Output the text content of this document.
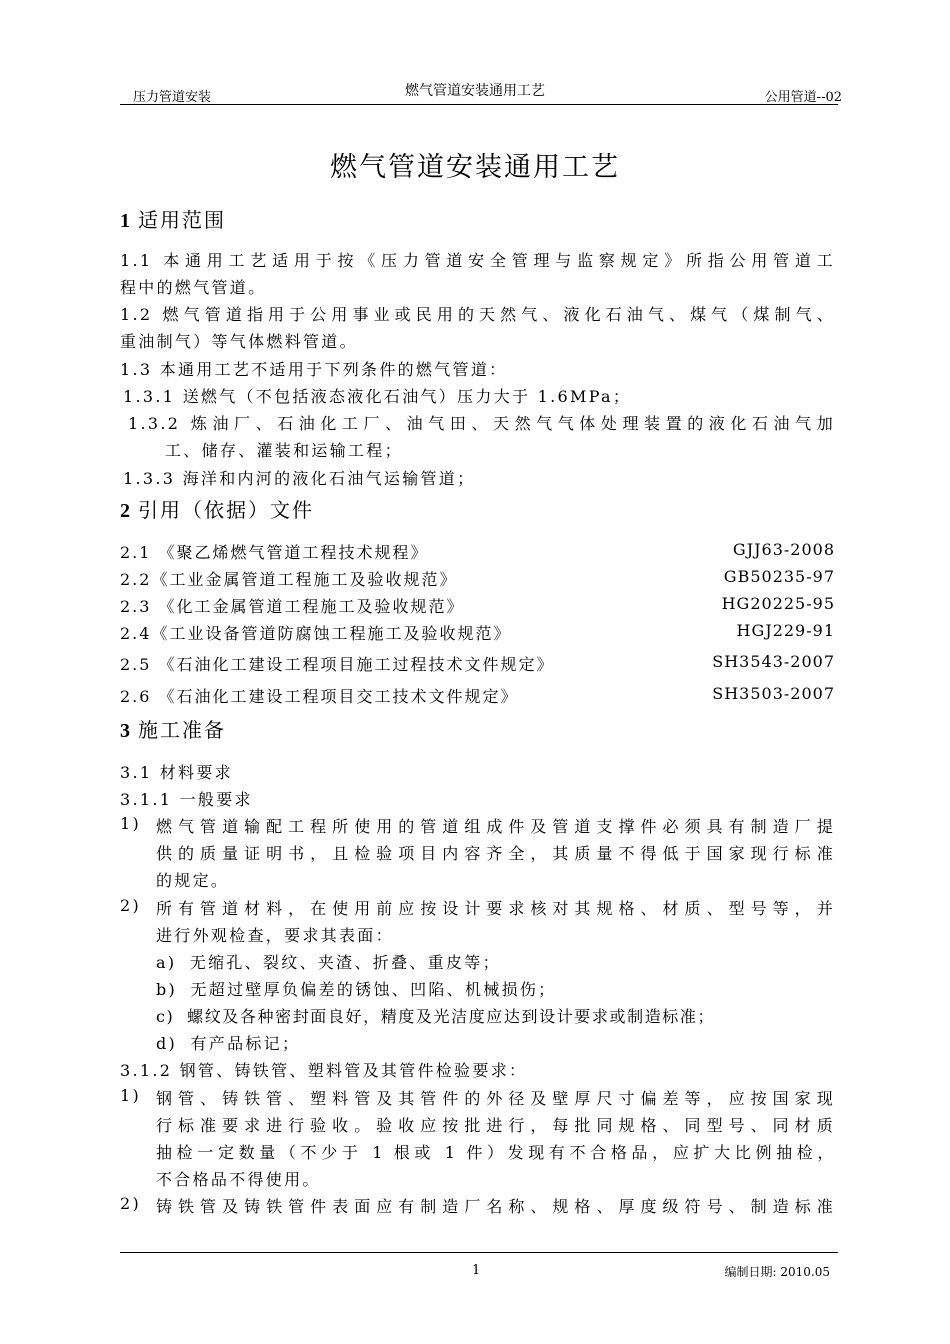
压力管道安装	燃气管道安装通用工艺	公用管道--02
燃气管道安装通用工艺
1 适用范围
1.1 本通用工艺适用于按《压力管道安全管理与监察规定》所指公用管道工
程中的燃气管道。
1.2 燃气管道指用于公用事业或民用的天然气、液化石油气、煤气（煤制气、
重油制气）等气体燃料管道。
1.3 本通用工艺不适用于下列条件的燃气管道：
1.3.1 送燃气（不包括液态液化石油气）压力大于 1.6MPa；
1.3.2 炼油厂、石油化工厂、油气田、天然气气体处理装置的液化石油气加
工、储存、灌装和运输工程；
1.3.3 海洋和内河的液化石油气运输管道；
2 引用（依据）文件
2.1 《聚乙烯燃气管道工程技术规程》	GJJ63-2008
2.2《工业金属管道工程施工及验收规范》	GB50235-97
2.3 《化工金属管道工程施工及验收规范》	HG20225-95
2.4《工业设备管道防腐蚀工程施工及验收规范》	HGJ229-91
2.5 《石油化工建设工程项目施工过程技术文件规定》	SH3543-2007
2.6 《石油化工建设工程项目交工技术文件规定》	SH3503-2007
3 施工准备
3.1 材料要求
3.1.1 一般要求
1) 燃气管道输配工程所使用的管道组成件及管道支撑件必须具有制造厂提
供的质量证明书，且检验项目内容齐全，其质量不得低于国家现行标准
的规定。
2) 所有管道材料，在使用前应按设计要求核对其规格、材质、型号等，并
进行外观检查，要求其表面：
a) 无缩孔、裂纹、夹渣、折叠、重皮等；
b) 无超过壁厚负偏差的锈蚀、凹陷、机械损伤；
c) 螺纹及各种密封面良好，精度及光洁度应达到设计要求或制造标准；
d) 有产品标记；
3.1.2 钢管、铸铁管、塑料管及其管件检验要求：
1) 钢管、铸铁管、塑料管及其管件的外径及壁厚尺寸偏差等，应按国家现
行标准要求进行验收。验收应按批进行，每批同规格、同型号、同材质
抽检一定数量（不少于 1 根或 1 件）发现有不合格品，应扩大比例抽检，
不合格品不得使用。
2) 铸铁管及铸铁管件表面应有制造厂名称、规格、厚度级符号、制造标准
1	编制日期: 2010.05
